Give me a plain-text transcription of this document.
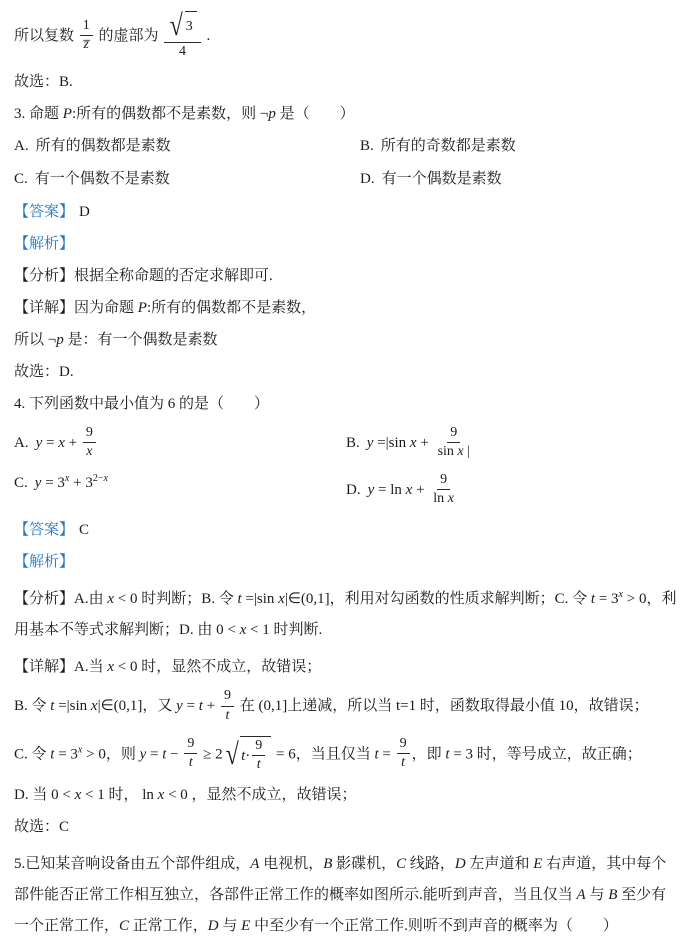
所以复数 $\frac{1}{z̅}$ 的虚部为 $\frac{√ 3}{4}$ .

故选：B.

3. 命题 P:所有的偶数都不是素数，则 ¬p 是（　　）

A. 所有的偶数都是素数	B. 所有的奇数都是素数
C. 有一个偶数不是素数	D. 有一个偶数是素数

【答案】 D

【解析】

【分析】根据全称命题的否定求解即可.

【详解】因为命题 P:所有的偶数都不是素数，

所以 ¬p 是：有一个偶数是素数

故选：D.

4. 下列函数中最小值为 6 的是（　　）

A. $y = x + \frac{9}{x}$	B. y =|sin $x + \frac{9}{\text{sin x |}}$
C. $y = 3^x + 3^{2-x}$
D. $y = \ln x + \frac{9}{\text{ln x}}$

【答案】 C

【解析】

【分析】A.由 x < 0 时判断；B. 令 t =|sin x|∈(0,1]，利用对勾函数的性质求解判断；C. 令 $t = 3^x > 0$，利用基本不等式求解判断；D. 由 0 < x < 1 时判断.

【详解】A.当 x < 0 时，显然不成立，故错误；

B. 令 t =|sin x|∈(0,1]，又 $y = t + \frac{9}{t}$ 在 (0,1]上递减，所以当 t=1 时，函数取得最小值 10，故错误；

C. 令 $t = 3^x > 0$，则 $y = t - \frac{9}{t} \ge 2$ √ $t \cdot \frac{9}{t} = 6$，当且仅当 $t = \frac{9}{t}$ ，即 t = 3 时，等号成立，故正确；

D. 当 0 < x < 1 时， ln x < 0 ，显然不成立，故错误；

故选：C

5.已知某音响设备由五个部件组成，A 电视机，B 影碟机，C 线路，D 左声道和 E 右声道，其中每个部件能否正常工作相互独立，各部件正常工作的概率如图所示.能听到声音，当且仅当 A 与 B 至少有一个正常工作，C 正常工作，D 与 E 中至少有一个正常工作.则听不到声音的概率为（　　）
